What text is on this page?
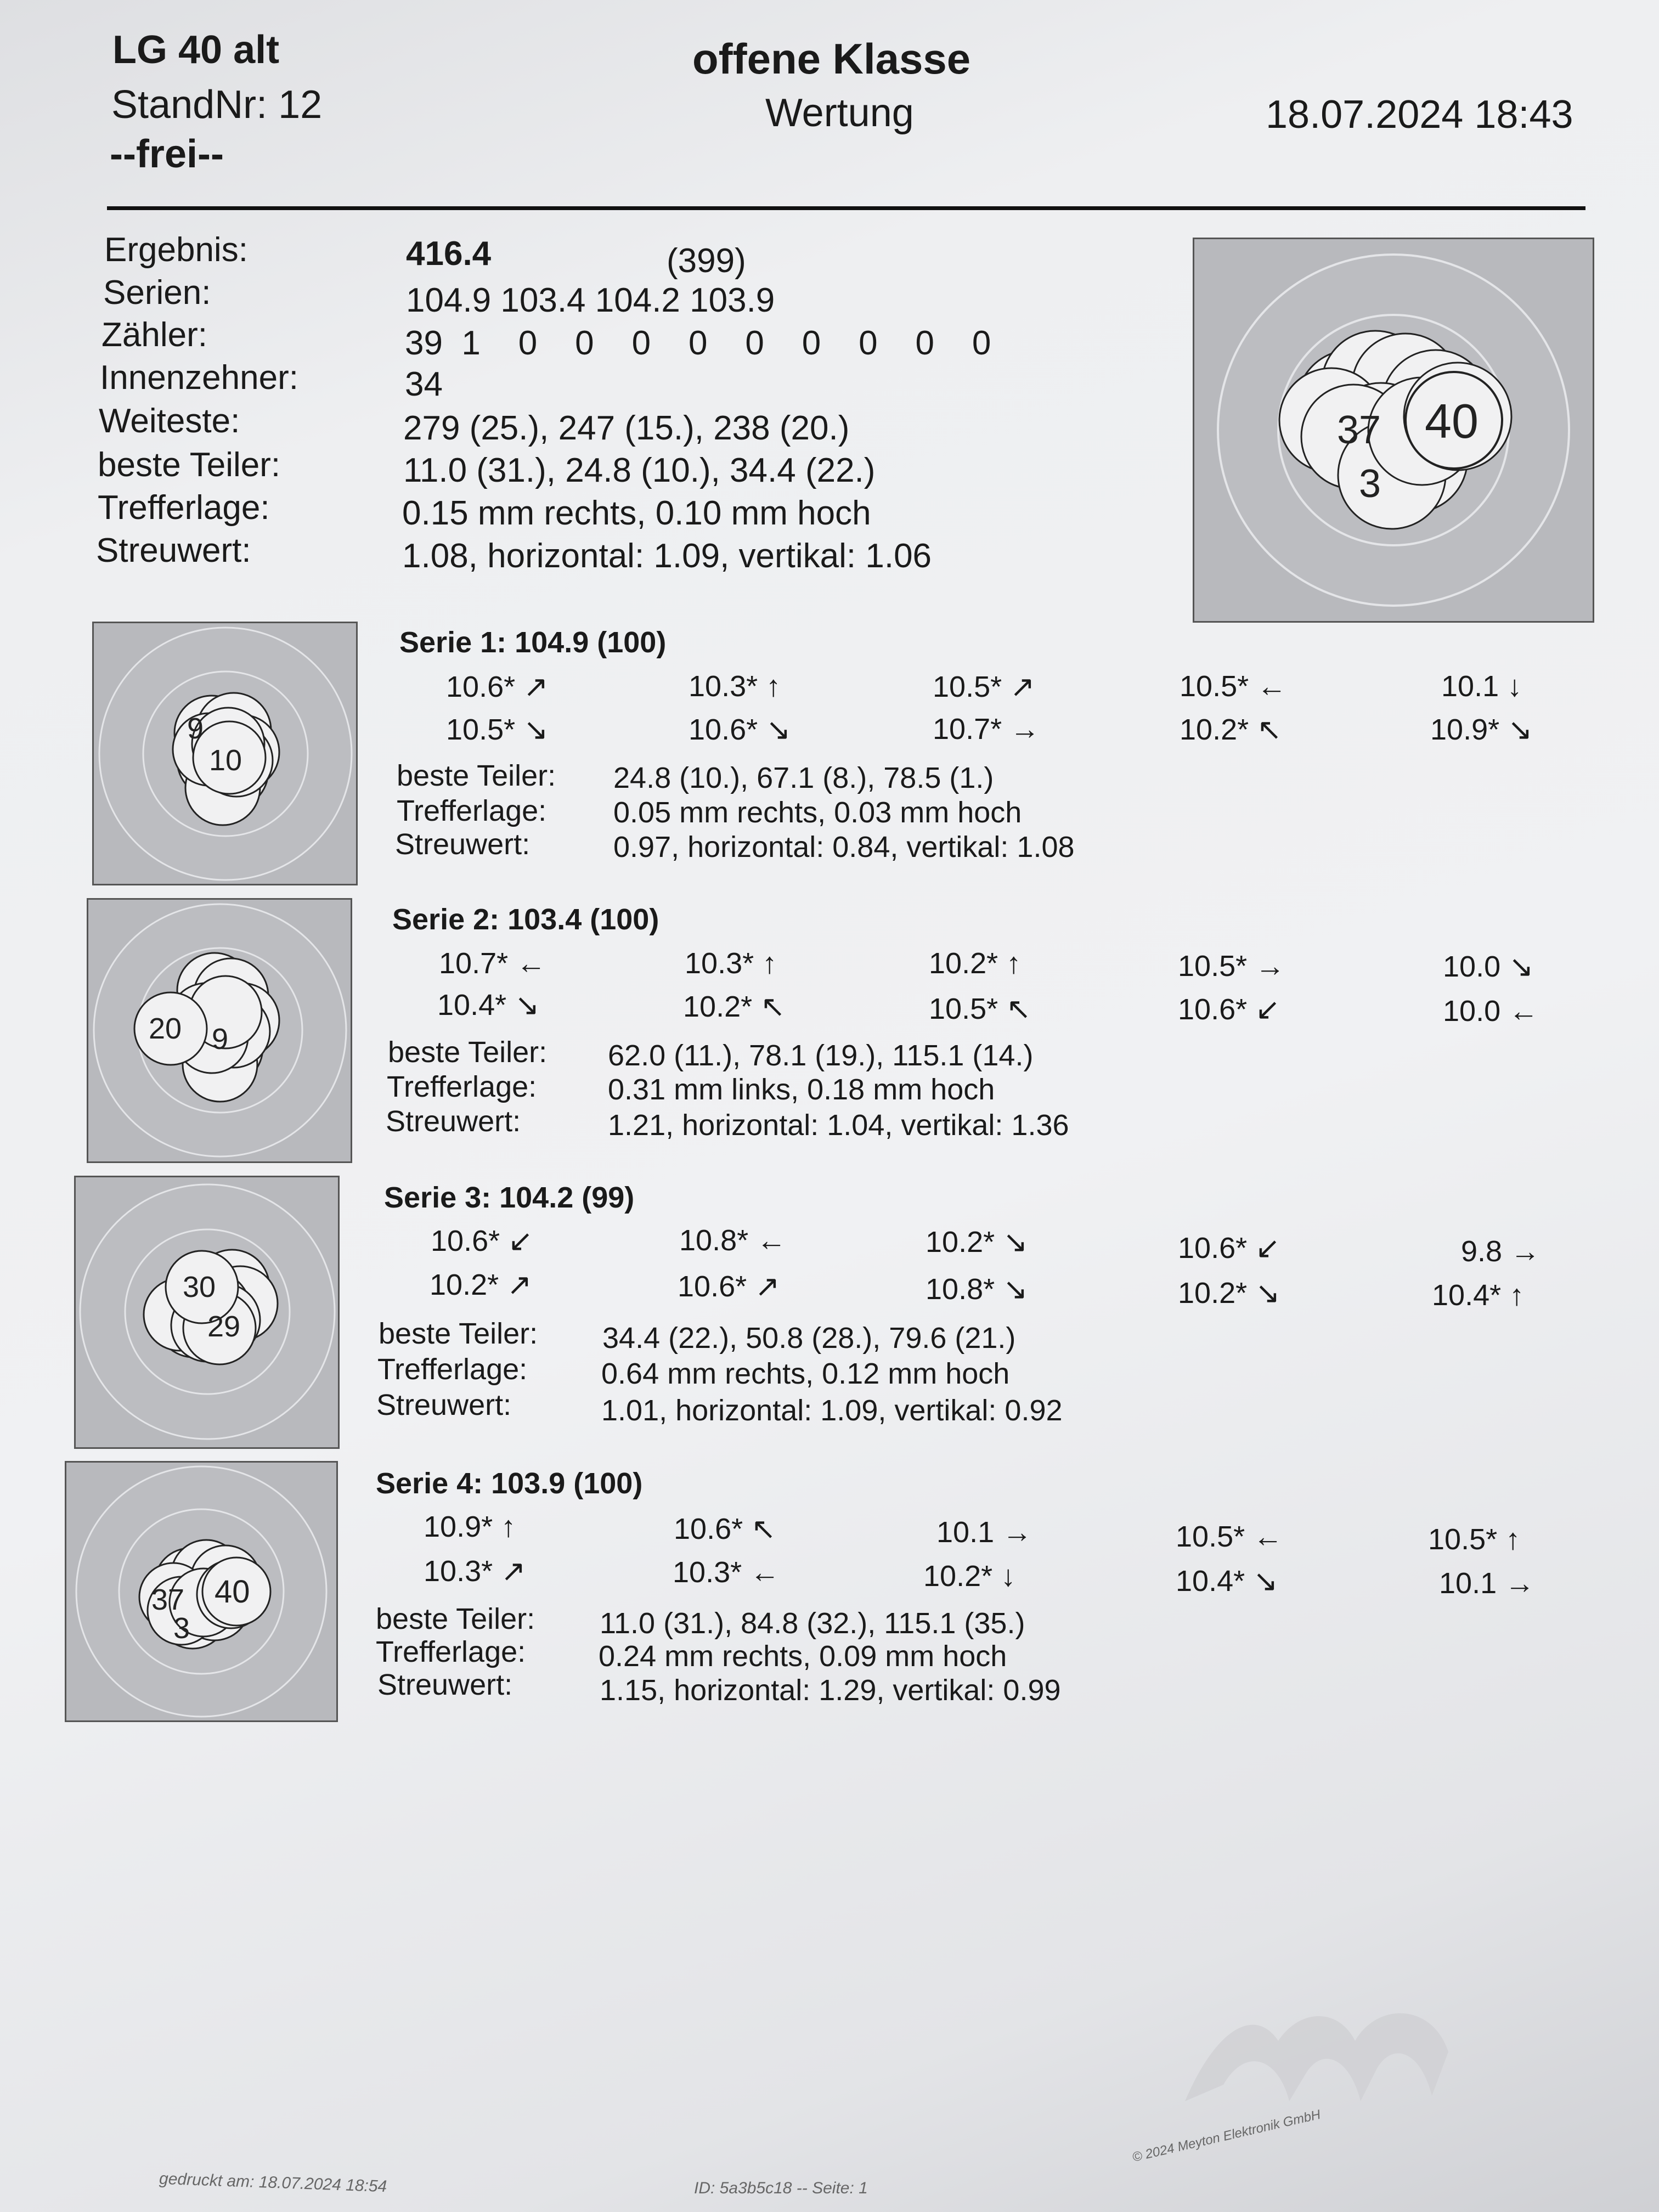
LG 40 alt
StandNr: 12
--frei--
offene Klasse
Wertung	18.07.2024 18:43
Ergebnis:	416.4	(399)
Serien:	104.9 103.4 104.2 103.9
Zähler:	39  1    0    0    0    0    0    0    0    0    0
Innenzehner:	34
Weiteste:	279 (25.), 247 (15.), 238 (20.)
beste Teiler:	11.0 (31.), 24.8 (10.), 34.4 (22.)
Trefferlage:	0.15 mm rechts, 0.10 mm hoch
Streuwert:	1.08, horizontal: 1.09, vertikal: 1.06
37
3
40
9
10
Serie 1: 104.9 (100)
10.6* ↗	10.3* ↑	10.5* ↗	10.5* ←	10.1 ↓
10.5* ↘	10.6* ↘	10.7* →	10.2* ↖	10.9* ↘
beste Teiler: 24.8 (10.), 67.1 (8.), 78.5 (1.)
Trefferlage: 0.05 mm rechts, 0.03 mm hoch
Streuwert:	0.97, horizontal: 0.84, vertikal: 1.08
9
20
Serie 2: 103.4 (100)
10.7* ←	10.3* ↑	10.2* ↑	10.5* →	10.0 ↘
10.4* ↘	10.2* ↖	10.5* ↖	10.6* ↙	10.0 ←
beste Teiler: 62.0 (11.), 78.1 (19.), 115.1 (14.)
Trefferlage: 0.31 mm links, 0.18 mm hoch
Streuwert:	1.21, horizontal: 1.04, vertikal: 1.36
29
30
Serie 3: 104.2 (99)
10.6* ↙	10.8* ←	10.2* ↘	10.6* ↙	9.8 →
10.2* ↗	10.6* ↗	10.8* ↘	10.2* ↘	10.4* ↑
beste Teiler: 34.4 (22.), 50.8 (28.), 79.6 (21.)
Trefferlage: 0.64 mm rechts, 0.12 mm hoch
Streuwert:	1.01, horizontal: 1.09, vertikal: 0.92
37
3
40
Serie 4: 103.9 (100)
10.9* ↑	10.6* ↖	10.1 →	10.5* ←	10.5* ↑
10.3* ↗	10.3* ←	10.2* ↓	10.4* ↘	10.1 →
beste Teiler: 11.0 (31.), 84.8 (32.), 115.1 (35.)
Trefferlage: 0.24 mm rechts, 0.09 mm hoch
Streuwert:	1.15, horizontal: 1.29, vertikal: 0.99
gedruckt am: 18.07.2024 18:54	ID: 5a3b5c18 -- Seite: 1
© 2024 Meyton Elektronik GmbH
